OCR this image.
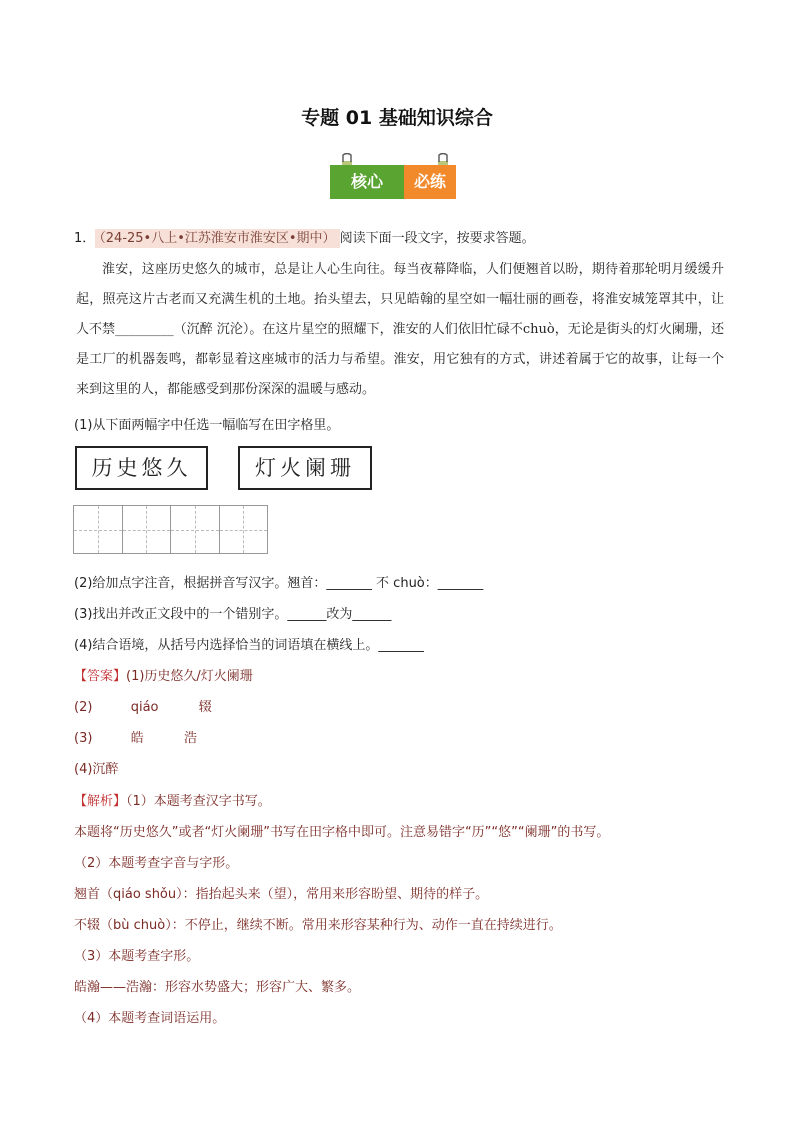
专题 01 基础知识综合
核心	必练
1． （24-25•八上•江苏淮安市淮安区•期中） 阅读下面一段文字，按要求答题。

淮安，这座历史悠久的城市，总是让人心生向往。每当夜幕降临，人们便翘首以盼，期待着那轮明月缓缓升起，照亮这片古老而又充满生机的土地。抬头望去，只见皓翰的星空如一幅壮丽的画卷，将淮安城笼罩其中，让人不禁_________（沉醉 沉沦）。在这片星空的照耀下，淮安的人们依旧忙碌不chuò，无论是街头的灯火阑珊，还是工厂的机器轰鸣，都彰显着这座城市的活力与希望。淮安，用它独有的方式，讲述着属于它的故事，让每一个来到这里的人，都能感受到那份深深的温暖与感动。

(1)从下面两幅字中任选一幅临写在田字格里。
历史悠久	灯火阑珊
(2)给加点字注音，根据拼音写汉字。翘首：_______ 不 chuò：_______
(3)找出并改正文段中的一个错别字。______改为______
(4)结合语境，从括号内选择恰当的词语填在横线上。_______
【答案】(1)历史悠久/灯火阑珊
(2)	qiáo	辍
(3)	皓	浩
(4)沉醉
【解析】（1）本题考查汉字书写。
本题将“历史悠久”或者“灯火阑珊”书写在田字格中即可。注意易错字“历”“悠”“阑珊”的书写。
（2）本题考查字音与字形。
翘首（qiáo shǒu）：指抬起头来（望），常用来形容盼望、期待的样子。
不辍（bù chuò）：不停止，继续不断。常用来形容某种行为、动作一直在持续进行。
（3）本题考查字形。
皓瀚——浩瀚：形容水势盛大；形容广大、繁多。
（4）本题考查词语运用。
